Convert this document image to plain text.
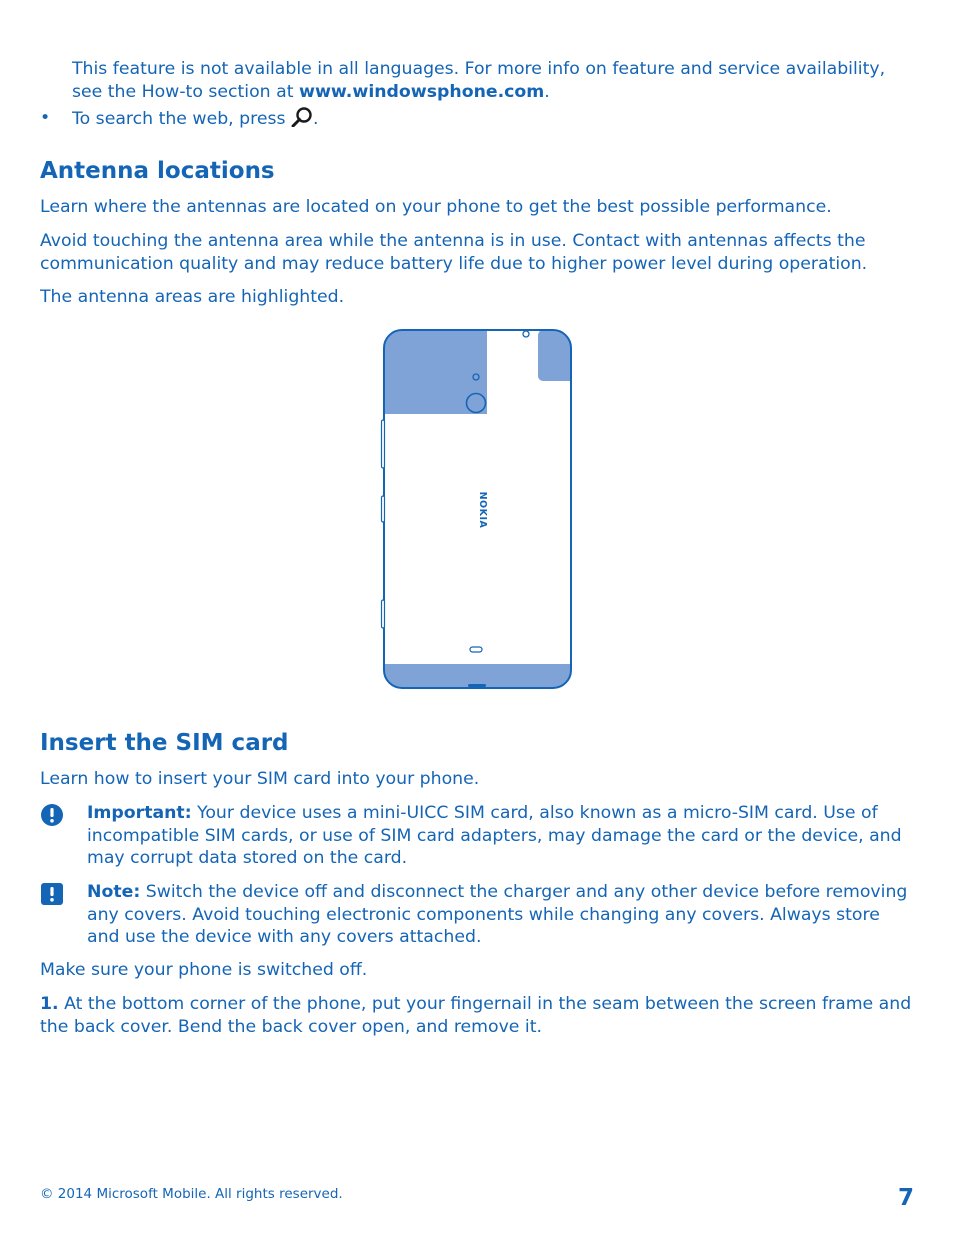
This feature is not available in all languages. For more info on feature and service availability, see the How-to section at www.windowsphone.com.

• To search the web, press .

Antenna locations

Learn where the antennas are located on your phone to get the best possible performance.

Avoid touching the antenna area while the antenna is in use. Contact with antennas affects the communication quality and may reduce battery life due to higher power level during operation.

The antenna areas are highlighted.

NOKIA
Insert the SIM card

Learn how to insert your SIM card into your phone.

Important: Your device uses a mini-UICC SIM card, also known as a micro-SIM card. Use of incompatible SIM cards, or use of SIM card adapters, may damage the card or the device, and may corrupt data stored on the card.

Note: Switch the device off and disconnect the charger and any other device before removing any covers. Avoid touching electronic components while changing any covers. Always store and use the device with any covers attached.

Make sure your phone is switched off.

1. At the bottom corner of the phone, put your fingernail in the seam between the screen frame and the back cover. Bend the back cover open, and remove it.

© 2014 Microsoft Mobile. All rights reserved.	7
